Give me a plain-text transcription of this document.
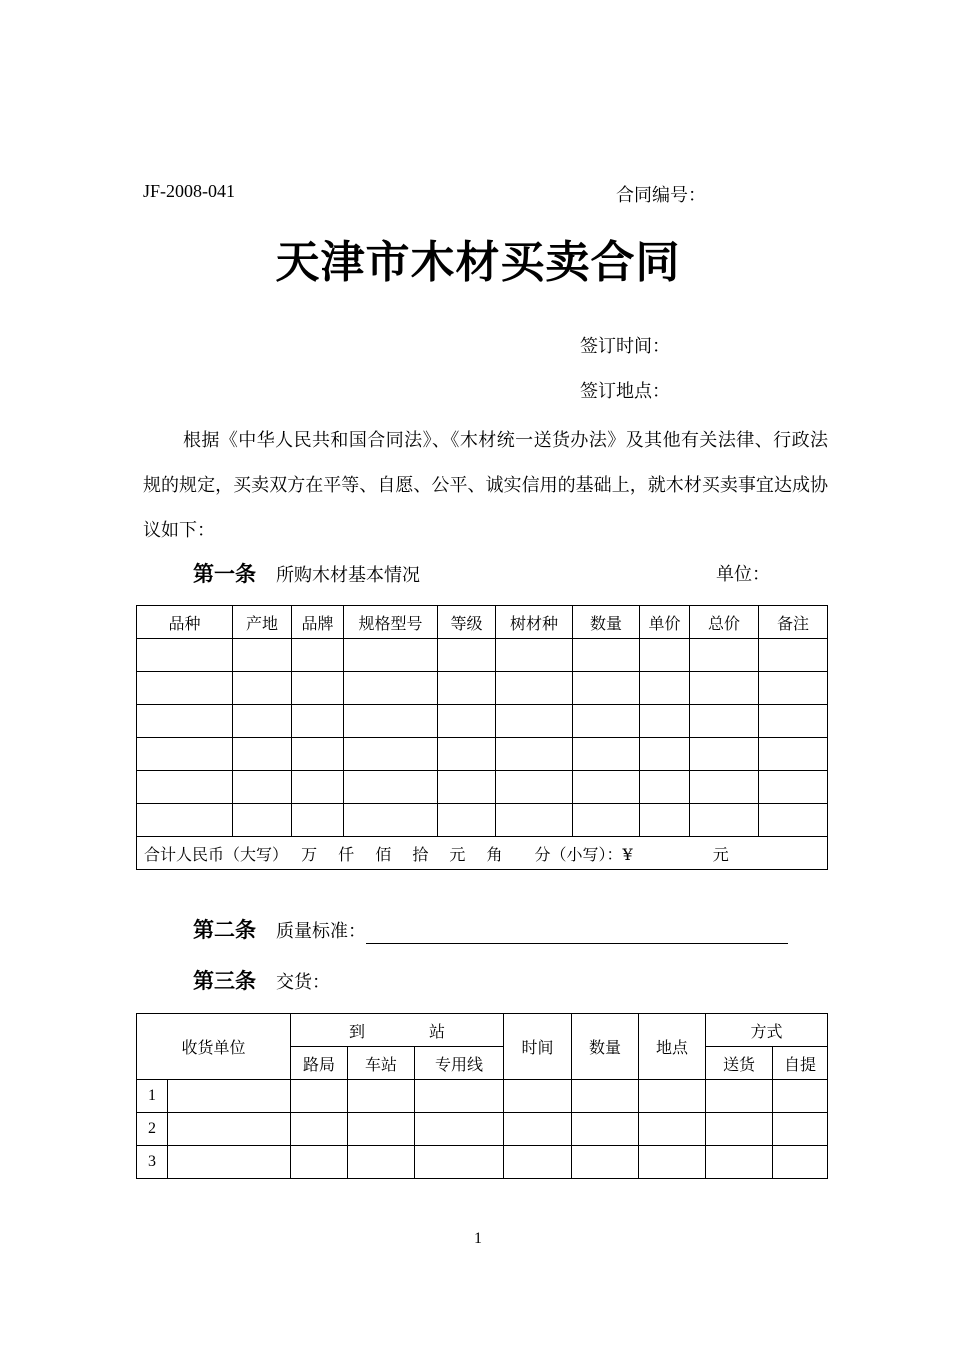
JF-2008-041	合同编号：
天津市木材买卖合同
签订时间：
签订地点：
根据《中华人民共和国合同法》、《木材统一送货办法》及其他有关法律、行政法规的规定，买卖双方在平等、自愿、公平、诚实信用的基础上，就木材买卖事宜达成协议如下：
第一条 所购木材基本情况	单位：
品种	产地	品牌	规格型号	等级	树材种	数量	单价	总价	备注

合计人民币（大写）　 万　 仟　 佰　 拾　 元　 角　　分（小写）：¥　　　　　元									
第二条 质量标准：
第三条 交货：
收货单位		到　　　　站			时间	数量	地点	方式	
		路局	车站	专用线				送货	自提
1									
2									
3									
1
